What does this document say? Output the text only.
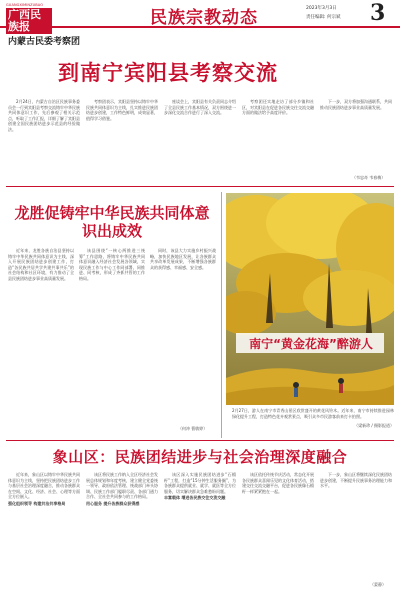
GUANGXIMINZUBAO
广西民族报	民族宗教动态	2023年3月3日
责任编辑: 何宗斌 3
内蒙古民委考察团
到南宁宾阳县考察交流

2月24日，内蒙古自治区民族事务委员会一行到宾阳县考察交流铸牢中华民族共同体意识工作，先后参观了相关示范点，听取了工作汇报，详细了解了宾阳县创建全国民族团结进步示范县的经验做法。

考察团表示，宾阳县坚持以铸牢中华民族共同体意识为主线，扎实推进民族团结进步创建，工作特色鲜明，成效显著，值得学习借鉴。

座谈会上，宾阳县有关负责同志介绍了全县民族工作基本情况，双方围绕进一步深化交流合作进行了深入交流。

考察团还实地走访了部分乡镇和社区，对宾阳县在促进各民族交往交流交融方面的做法给予高度评价。

下一步，双方将加强沟通联系，共同推动民族团结进步事业高质量发展。

（韦忠奇 韦春梅）
龙胜促铸牢中华民族共同体意识出成效

近年来，龙胜各族自治县坚持以铸牢中华民族共同体意识为主线，深入开展民族团结进步创建工作，打造“各民族共居共学共建共事共乐”的社会结构和社区环境，有力推动了全县民族团结进步事业高质量发展。

该县围绕“一核心两推进三统筹”工作思路，将铸牢中华民族共同体意识融入经济社会发展各领域，实现民族工作与中心工作同部署、同推进、同考核，形成了齐抓共管的工作格局。

同时，该县大力实施乡村振兴战略，加快民族地区发展，让各族群众共享改革发展成果，不断增强各族群众的获得感、幸福感、安全感。

（何冲 曹敏婷）
南宁“黄金花海”醉游人
2月27日，游人在南宁市青秀山景区欣赏盛开的黄花风铃木。近年来，南宁市持续推进园林绿化提升工程，打造特色花卉观赏景点，吸引众多市民游客前来打卡拍照。
（梁新珍 / 摄影报道）
象山区：民族团结进步与社会治理深度融合

近年来，象山区以铸牢中华民族共同体意识为主线，坚持把民族团结进步工作与基层社会治理深度融合，推动各族群众在空间、文化、经济、社会、心理等方面全方位嵌入。

强化组织领导 构建共治共享格局

该区将民族工作纳入全区经济社会发展总体规划和年度考核，建立健全党委统一领导、政府依法管理、统战部门牵头协调、民族工作部门履职尽责、各部门通力合作、全社会共同参与的工作格局。

用心服务 提升各族群众获得感

该区深入实施民族团结进步“石榴籽”工程，打造“15分钟生活服务圈”，为各族群众提供就业、就学、就医等全方位服务，切实解决群众急难愁盼问题。

丰富载体 增进各民族交往交流交融

该区依托传统节庆活动，常态化开展各民族群众喜闻乐见的文化体育活动，搭建交往交流交融平台，促进各民族像石榴籽一样紧紧抱在一起。

下一步，象山区将继续深化民族团结进步创建，不断提升民族事务治理能力和水平。

（蒙静）
